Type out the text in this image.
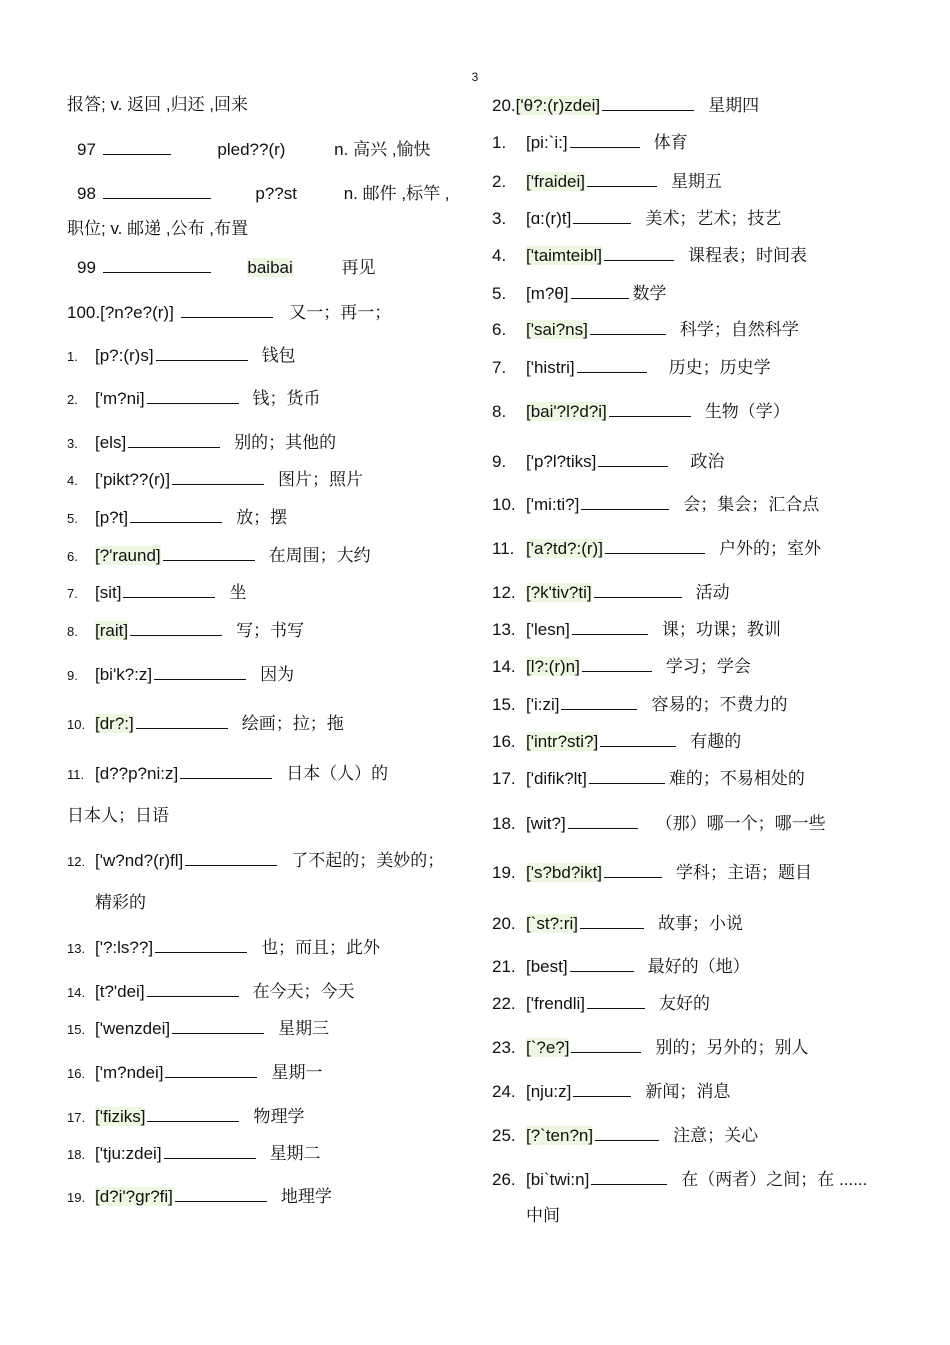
3
报答; v. 返回 ,归还 ,回来
97	pled??(r)	n. 高兴 ,愉快
98	p??st	n. 邮件 ,标竿 ,
职位; v. 邮递 ,公布 ,布置
99	baibai	再见
100.[?n?e?(r)]	又一；再一；
1. [p?:(r)s]	钱包
2. ['m?ni]	钱；货币
3. [els]	别的；其他的
4. ['pikt??(r)]	图片；照片
5. [p?t]	放；摆
6. [?'raund]	在周围；大约
7. [sit]	坐
8. [rait]	写；书写
9. [bi'k?:z]	因为
10. [dr?:]	绘画；拉；拖
11. [d??p?ni:z]	日本（人）的
日本人；日语
12. ['w?nd?(r)fl]	了不起的；美妙的；
精彩的
13. ['?:ls??]	也；而且；此外
14. [t?'dei]	在今天；今天
15. ['wenzdei]	星期三
16. ['m?ndei]	星期一
17. ['fiziks]	物理学
18. ['tju:zdei]	星期二
19. [d?i'?gr?fi]	地理学
20.['θ?:(r)zdei]	星期四
1. [pi:`i:]	体育
2. ['fraidei]	星期五
3. [ɑ:(r)t]	美术；艺术；技艺
4. ['taimteibl]	课程表；时间表
5. [m?θ]	数学
6. ['sai?ns]	科学；自然科学
7. ['histri]	历史；历史学
8. [bai'?l?d?i]	生物（学）
9. ['p?l?tiks]	政治
10. ['mi:ti?]	会；集会；汇合点
11. ['a?td?:(r)]	户外的；室外
12. [?k'tiv?ti]	活动
13. ['lesn]	课；功课；教训
14. [l?:(r)n]	学习；学会
15. ['i:zi]	容易的；不费力的
16. ['intr?sti?]	有趣的
17. ['difik?lt]	难的；不易相处的
18. [wit?]	（那）哪一个；哪一些
19. ['s?bd?ikt]	学科；主语；题目
20. [`st?:ri]	故事；小说
21. [best]	最好的（地）
22. ['frendli]	友好的
23. [`?e?]	别的；另外的；别人
24. [nju:z]	新闻；消息
25. [?`ten?n]	注意；关心
26. [bi`twi:n]	在（两者）之间；在 ......
中间
